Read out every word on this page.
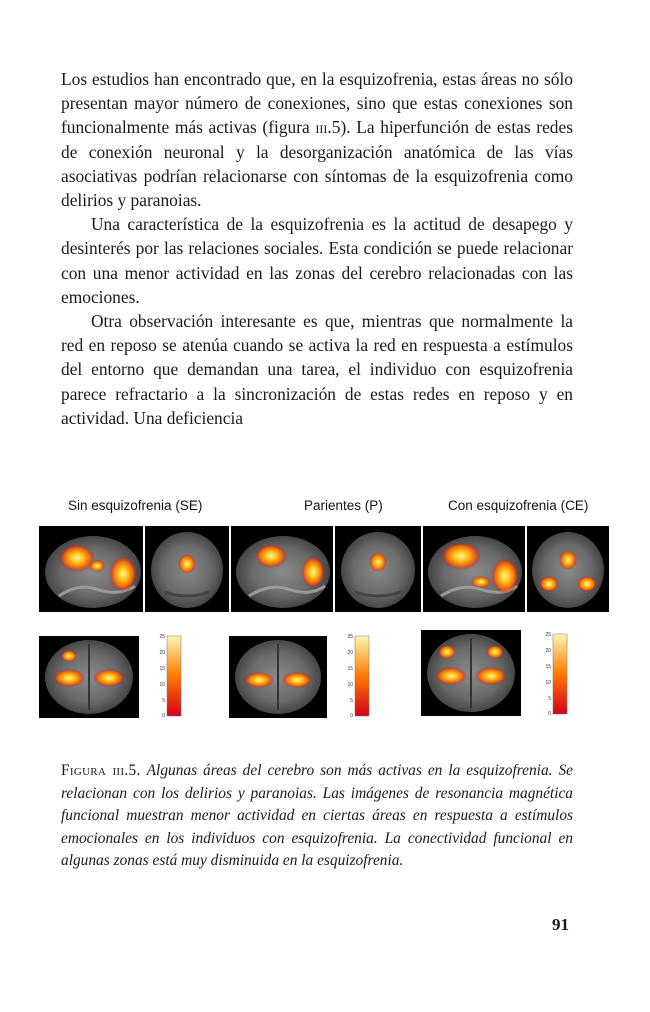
Los estudios han encontrado que, en la esquizofrenia, estas áreas no sólo presentan mayor número de conexiones, sino que estas conexiones son funcionalmente más activas (figura iii.5). La hiperfunción de estas redes de conexión neuronal y la desorganización anatómica de las vías asociativas podrían relacionarse con síntomas de la esquizofrenia como delirios y paranoias.

Una característica de la esquizofrenia es la actitud de desapego y desinterés por las relaciones sociales. Esta condición se puede relacionar con una menor actividad en las zonas del cerebro relacionadas con las emociones.

Otra observación interesante es que, mientras que normalmente la red en reposo se atenúa cuando se activa la red en respuesta a estímulos del entorno que demandan una tarea, el individuo con esquizofrenia parece refractario a la sincronización de estas redes en reposo y en actividad. Una deficiencia

Sin esquizofrenia (SE)	Parientes (P)	Con esquizofrenia (CE)
25
20
15
10
5
0
25
20
15
10
5
0
25
20
15
10
5
0
Figura iii.5. Algunas áreas del cerebro son más activas en la esquizofrenia. Se relacionan con los delirios y paranoias. Las imágenes de resonancia magnética funcional muestran menor actividad en ciertas áreas en respuesta a estímulos emocionales en los individuos con esquizofrenia. La conectividad funcional en algunas zonas está muy disminuida en la esquizofrenia.
91
